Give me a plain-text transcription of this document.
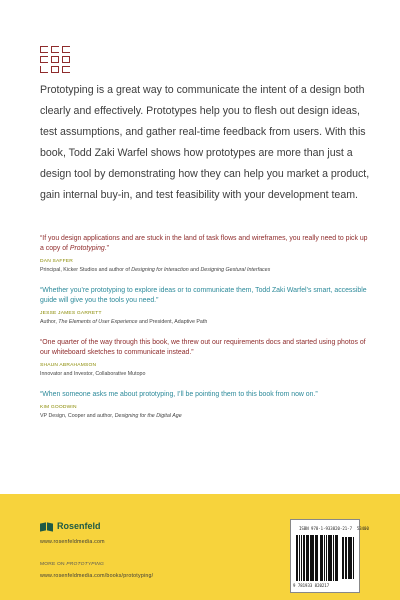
Prototyping is a great way to communicate the intent of a design both clearly and effectively. Prototypes help you to flesh out design ideas, test assumptions, and gather real-time feedback from users. With this book, Todd Zaki Warfel shows how prototypes are more than just a design tool by demonstrating how they can help you market a product, gain internal buy-in, and test feasibility with your development team.

“If you design applications and are stuck in the land of task flows and wireframes, you really need to pick up a copy of Prototyping.”

DAN SAFFER

Principal, Kicker Studios and author of Designing for Interaction and Designing Gestural Interfaces

“Whether you’re prototyping to explore ideas or to communicate them, Todd Zaki Warfel’s smart, accessible guide will give you the tools you need.”

JESSE JAMES GARRETT

Author, The Elements of User Experience and President, Adaptive Path

“One quarter of the way through this book, we threw out our requirements docs and started using photos of our whiteboard sketches to communicate instead.”

SHAUN ABRAHAMSON

Innovator and Investor, Collaborative Mutopo

“When someone asks me about prototyping, I’ll be pointing them to this book from now on.”

KIM GOODWIN

VP Design, Cooper and author, Designing for the Digital Age

Rosenfeld

www.rosenfeldmedia.com

MORE ON PROTOTYPING

www.rosenfeldmedia.com/books/prototyping/

ISBN 978-1-933820-21-7 53400
9 781933 820217
